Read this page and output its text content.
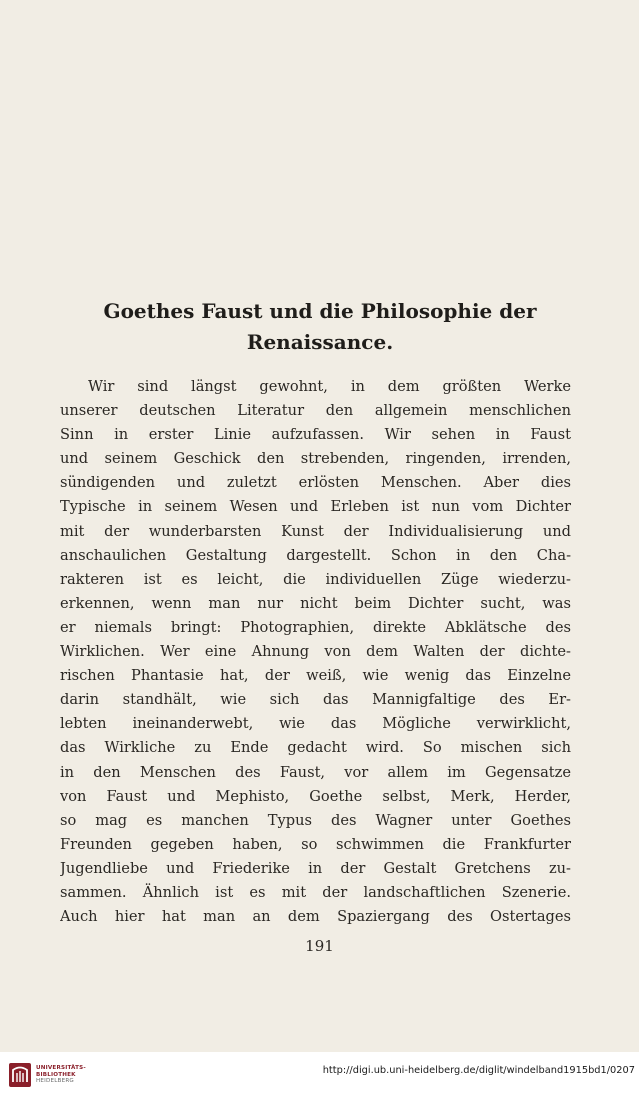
Goethes Faust und die Philosophie der
Renaissance.
Wir sind längst gewohnt, in dem größten Werke
unserer deutschen Literatur den allgemein menschlichen
Sinn in erster Linie aufzufassen. Wir sehen in Faust
und seinem Geschick den strebenden, ringenden, irrenden,
sündigenden und zuletzt erlösten Menschen. Aber dies
Typische in seinem Wesen und Erleben ist nun vom Dichter
mit der wunderbarsten Kunst der Individualisierung und
anschaulichen Gestaltung dargestellt. Schon in den Cha-
rakteren ist es leicht, die individuellen Züge wiederzu-
erkennen, wenn man nur nicht beim Dichter sucht, was
er niemals bringt: Photographien, direkte Abklätsche des
Wirklichen. Wer eine Ahnung von dem Walten der dichte-
rischen Phantasie hat, der weiß, wie wenig das Einzelne
darin standhält, wie sich das Mannigfaltige des Er-
lebten ineinanderwebt, wie das Mögliche verwirklicht,
das Wirkliche zu Ende gedacht wird. So mischen sich
in den Menschen des Faust, vor allem im Gegensatze
von Faust und Mephisto, Goethe selbst, Merk, Herder,
so mag es manchen Typus des Wagner unter Goethes
Freunden gegeben haben, so schwimmen die Frankfurter
Jugendliebe und Friederike in der Gestalt Gretchens zu-
sammen. Ähnlich ist es mit der landschaftlichen Szenerie.
Auch hier hat man an dem Spaziergang des Ostertages
191
UNIVERSITÄTS-
BIBLIOTHEK
HEIDELBERG
http://digi.ub.uni-heidelberg.de/diglit/windelband1915bd1/0207
